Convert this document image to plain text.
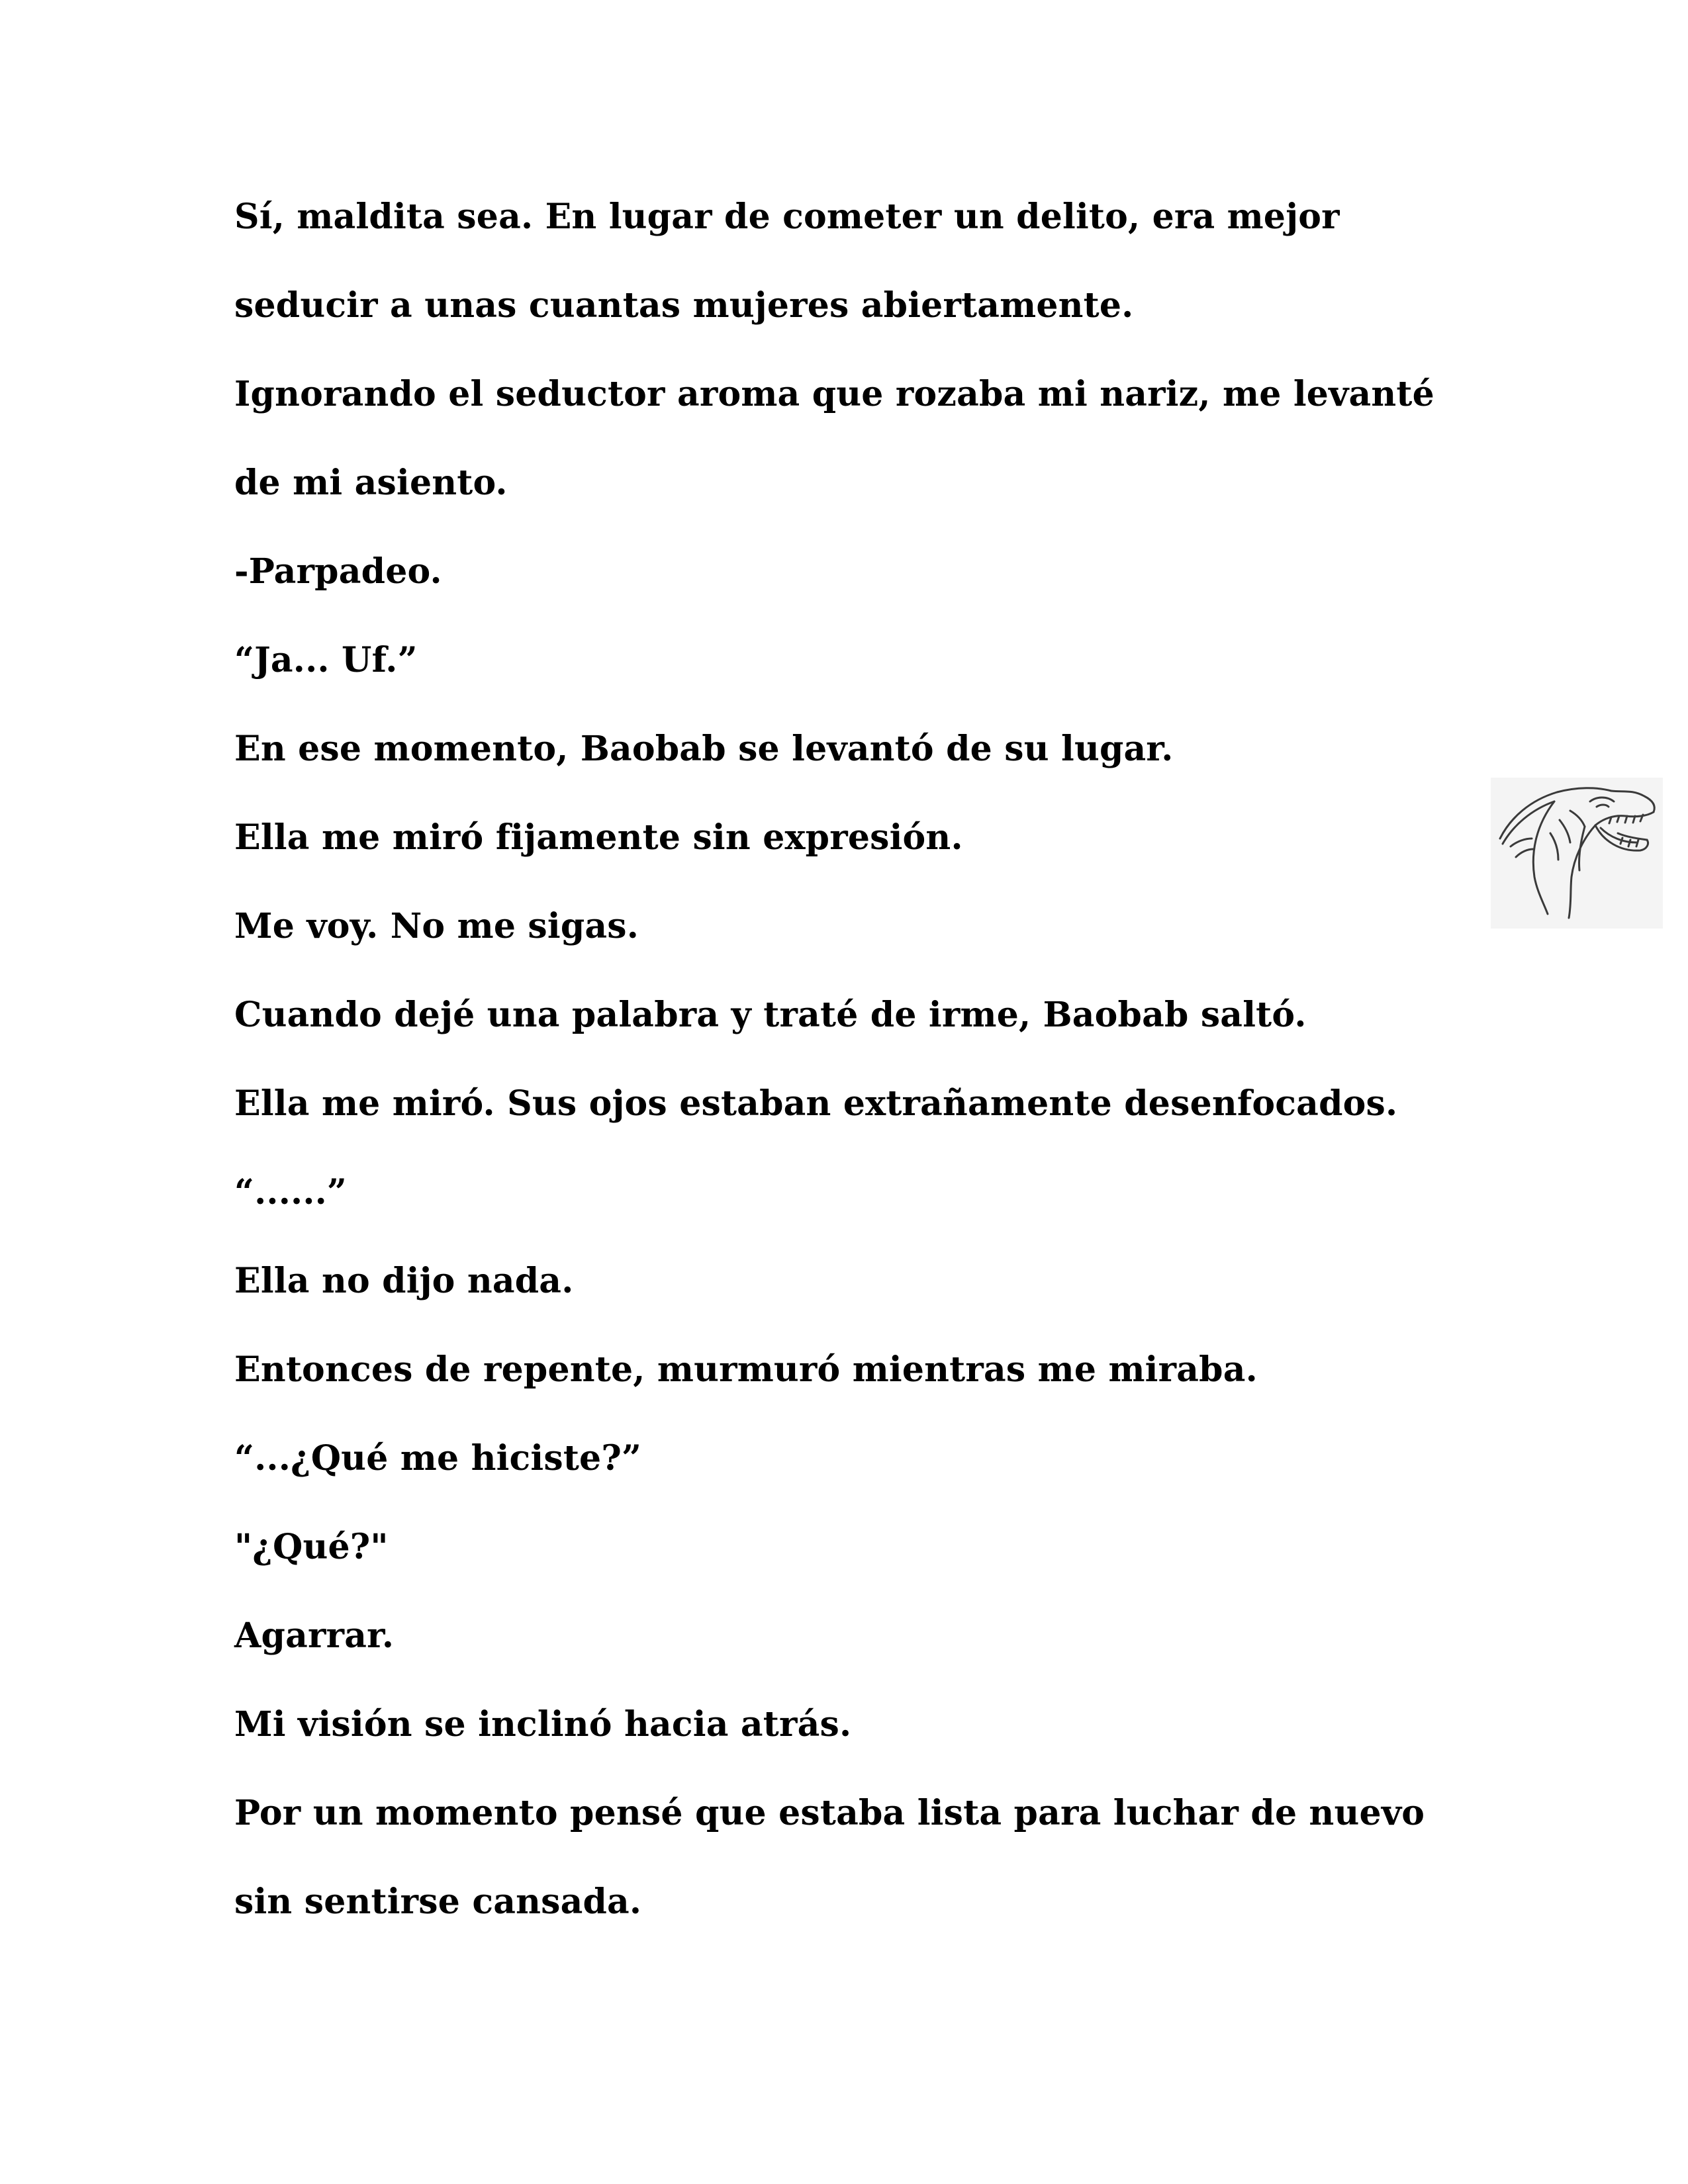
Sí, maldita sea. En lugar de cometer un delito, era mejor
seducir a unas cuantas mujeres abiertamente.
Ignorando el seductor aroma que rozaba mi nariz, me levanté
de mi asiento.
-Parpadeo.
“Ja... Uf.”
En ese momento, Baobab se levantó de su lugar.
Ella me miró fijamente sin expresión.
Me voy. No me sigas.
Cuando dejé una palabra y traté de irme, Baobab saltó.
Ella me miró. Sus ojos estaban extrañamente desenfocados.
“......”
Ella no dijo nada.
Entonces de repente, murmuró mientras me miraba.
“...¿Qué me hiciste?”
"¿Qué?"
Agarrar.
Mi visión se inclinó hacia atrás.
Por un momento pensé que estaba lista para luchar de nuevo
sin sentirse cansada.
